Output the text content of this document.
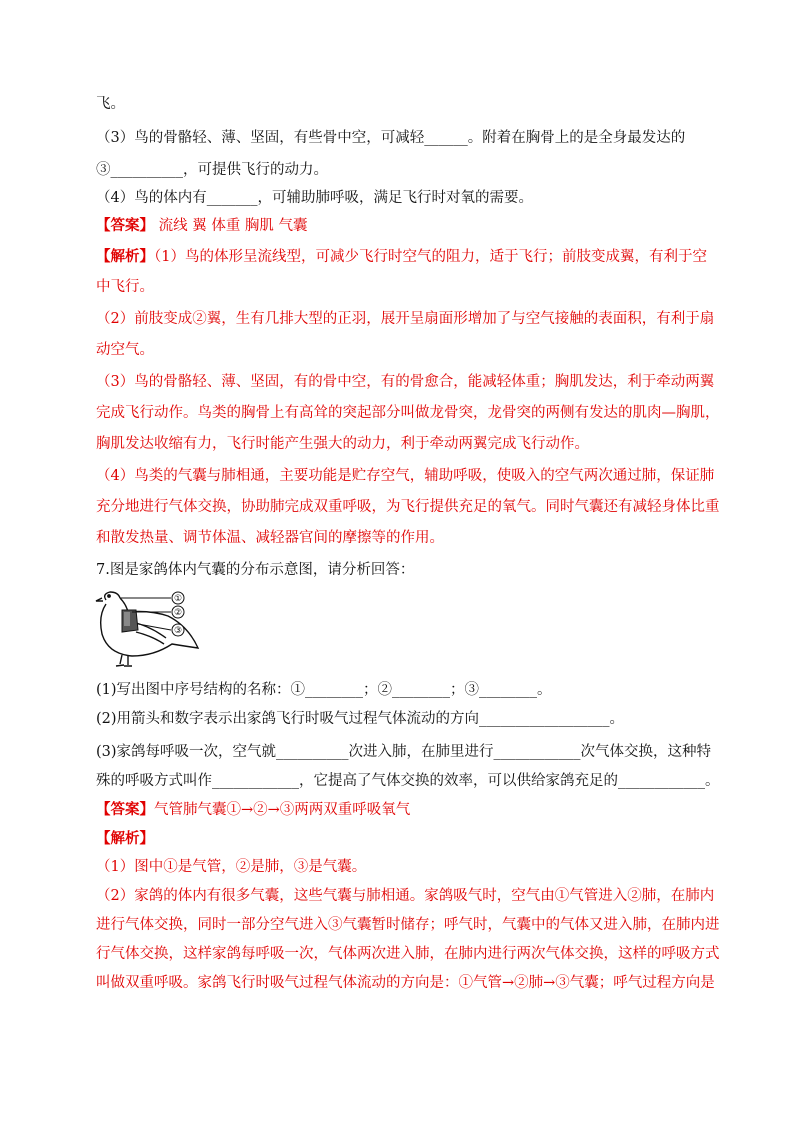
飞。
（3）鸟的骨骼轻、薄、坚固，有些骨中空，可减轻______。附着在胸骨上的是全身最发达的
③__________，可提供飞行的动力。
（4）鸟的体内有_______，可辅助肺呼吸，满足飞行时对氧的需要。
【答案】 流线 翼 体重 胸肌 气囊
【解析】（1）鸟的体形呈流线型，可减少飞行时空气的阻力，适于飞行；前肢变成翼，有利于空
中飞行。
（2）前肢变成②翼，生有几排大型的正羽，展开呈扇面形增加了与空气接触的表面积，有利于扇
动空气。
（3）鸟的骨骼轻、薄、坚固，有的骨中空，有的骨愈合，能减轻体重；胸肌发达，利于牵动两翼
完成飞行动作。鸟类的胸骨上有高耸的突起部分叫做龙骨突，龙骨突的两侧有发达的肌肉—胸肌，
胸肌发达收缩有力，飞行时能产生强大的动力，利于牵动两翼完成飞行动作。
（4）鸟类的气囊与肺相通，主要功能是贮存空气，辅助呼吸，使吸入的空气两次通过肺，保证肺
充分地进行气体交换，协助肺完成双重呼吸，为飞行提供充足的氧气。同时气囊还有减轻身体比重
和散发热量、调节体温、减轻器官间的摩擦等的作用。
7.图是家鸽体内气囊的分布示意图，请分析回答：
①
②
③
(1)写出图中序号结构的名称：①________；②________；③________。
(2)用箭头和数字表示出家鸽飞行时吸气过程气体流动的方向__________________。
(3)家鸽每呼吸一次，空气就__________次进入肺，在肺里进行____________次气体交换，这种特
殊的呼吸方式叫作____________，它提高了气体交换的效率，可以供给家鸽充足的____________。
【答案】气管肺气囊①→②→③两两双重呼吸氧气
【解析】
（1）图中①是气管，②是肺，③是气囊。
（2）家鸽的体内有很多气囊，这些气囊与肺相通。家鸽吸气时，空气由①气管进入②肺，在肺内
进行气体交换，同时一部分空气进入③气囊暂时储存；呼气时，气囊中的气体又进入肺，在肺内进
行气体交换，这样家鸽每呼吸一次，气体两次进入肺，在肺内进行两次气体交换，这样的呼吸方式
叫做双重呼吸。家鸽飞行时吸气过程气体流动的方向是：①气管→②肺→③气囊；呼气过程方向是
